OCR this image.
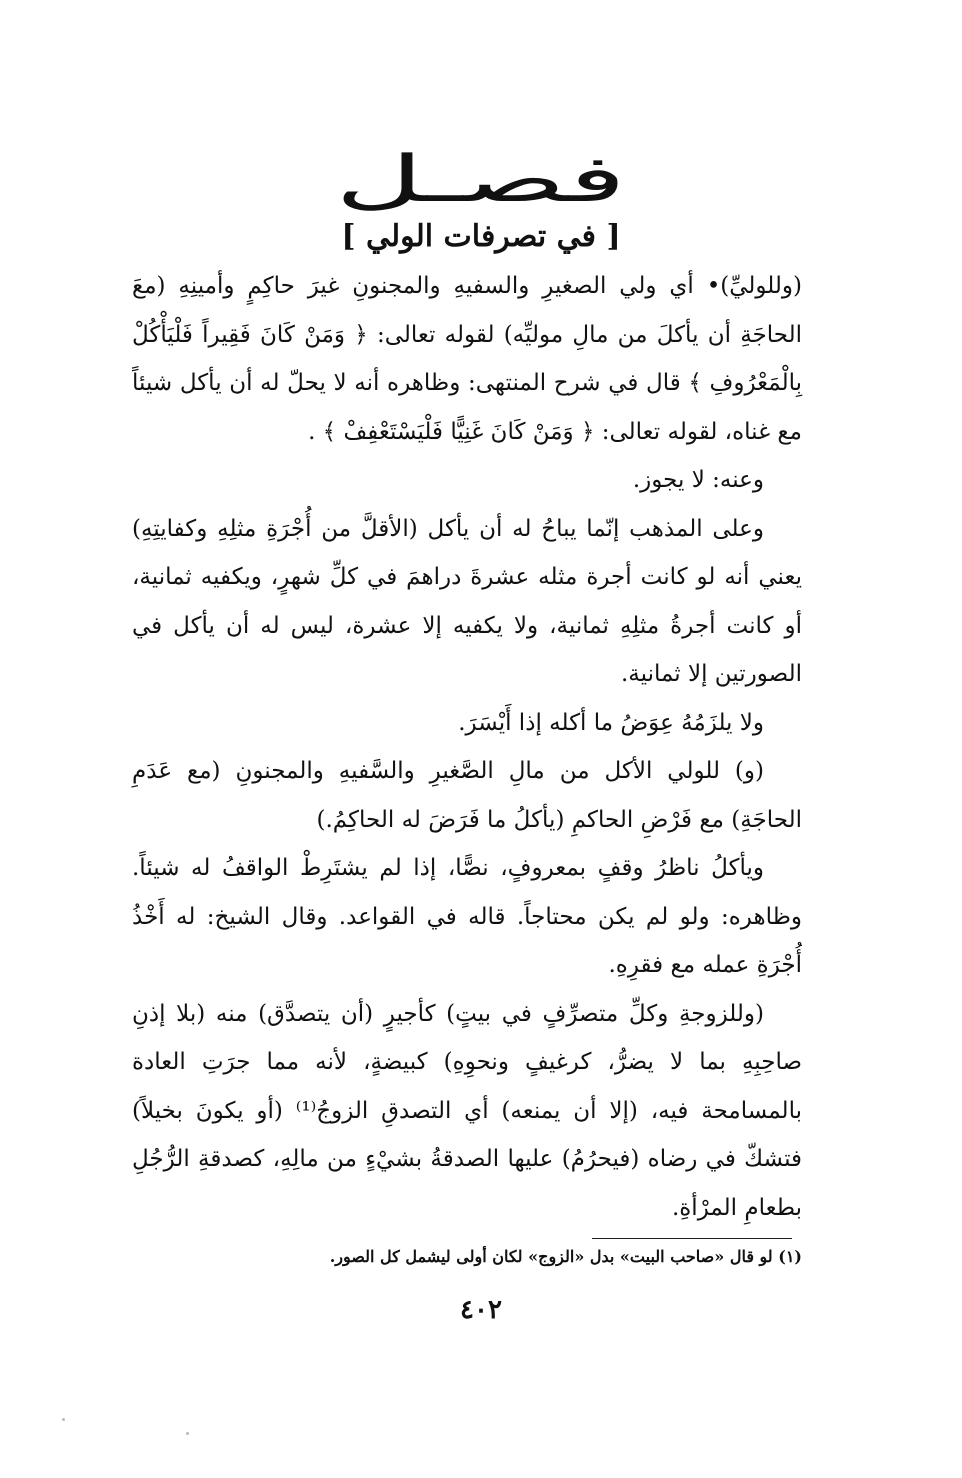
فصـل
[ في تصرفات الولي ]

(وللوليِّ)• أي ولي الصغيرِ والسفيهِ والمجنونِ غيرَ حاكِمٍ وأمينِهِ (معَ الحاجَةِ أن يأكلَ من مالِ موليِّه) لقوله تعالى: ﴿ وَمَنْ كَانَ فَقِيراً فَلْيَأْكُلْ بِالْمَعْرُوفِ ﴾ قال في شرح المنتهى: وظاهره أنه لا يحلّ له أن يأكل شيئاً مع غناه، لقوله تعالى: ﴿ وَمَنْ كَانَ غَنِيًّا فَلْيَسْتَعْفِفْ ﴾ .

وعنه: لا يجوز.

وعلى المذهب إنّما يباحُ له أن يأكل (الأقلَّ من أُجْرَةِ مثلِهِ وكفايتِهِ) يعني أنه لو كانت أجرة مثله عشرةَ دراهمَ في كلِّ شهرٍ، ويكفيه ثمانية، أو كانت أجرةُ مثلِهِ ثمانية، ولا يكفيه إلا عشرة، ليس له أن يأكل في الصورتين إلا ثمانية.

ولا يلزَمُهُ عِوَضُ ما أكله إذا أَيْسَرَ.

(و) للولي الأكل من مالِ الصَّغيرِ والسَّفيهِ والمجنونِ (مع عَدَمِ الحاجَةِ) مع فَرْضِ الحاكمِ (يأكلُ ما فَرَضَ له الحاكِمُ.)

ويأكلُ ناظرُ وقفٍ بمعروفٍ، نصًّا، إذا لم يشتَرِطْ الواقفُ له شيئاً. وظاهره: ولو لم يكن محتاجاً. قاله في القواعد. وقال الشيخ: له أَخْذُ أُجْرَةِ عمله مع فقرِهِ.

(وللزوجةِ وكلِّ متصرِّفٍ في بيتٍ) كأجيرٍ (أن يتصدَّق) منه (بلا إذنِ صاحِبِهِ بما لا يضرُّ، كرغيفٍ ونحوِهِ) كبيضةٍ، لأنه مما جرَتِ العادة بالمسامحة فيه، (إلا أن يمنعه) أي التصدقِ الزوجُ⁽¹⁾ (أو يكونَ بخيلاً) فتشكّ في رضاه (فيحرُمُ) عليها الصدقةُ بشيْءٍ من مالِهِ، كصدقةِ الرُّجُلِ بطعامِ المرْأةِ.

(١) لو قال «صاحب البيت» بدل «الزوج» لكان أولى ليشمل كل الصور.
٤٠٢
